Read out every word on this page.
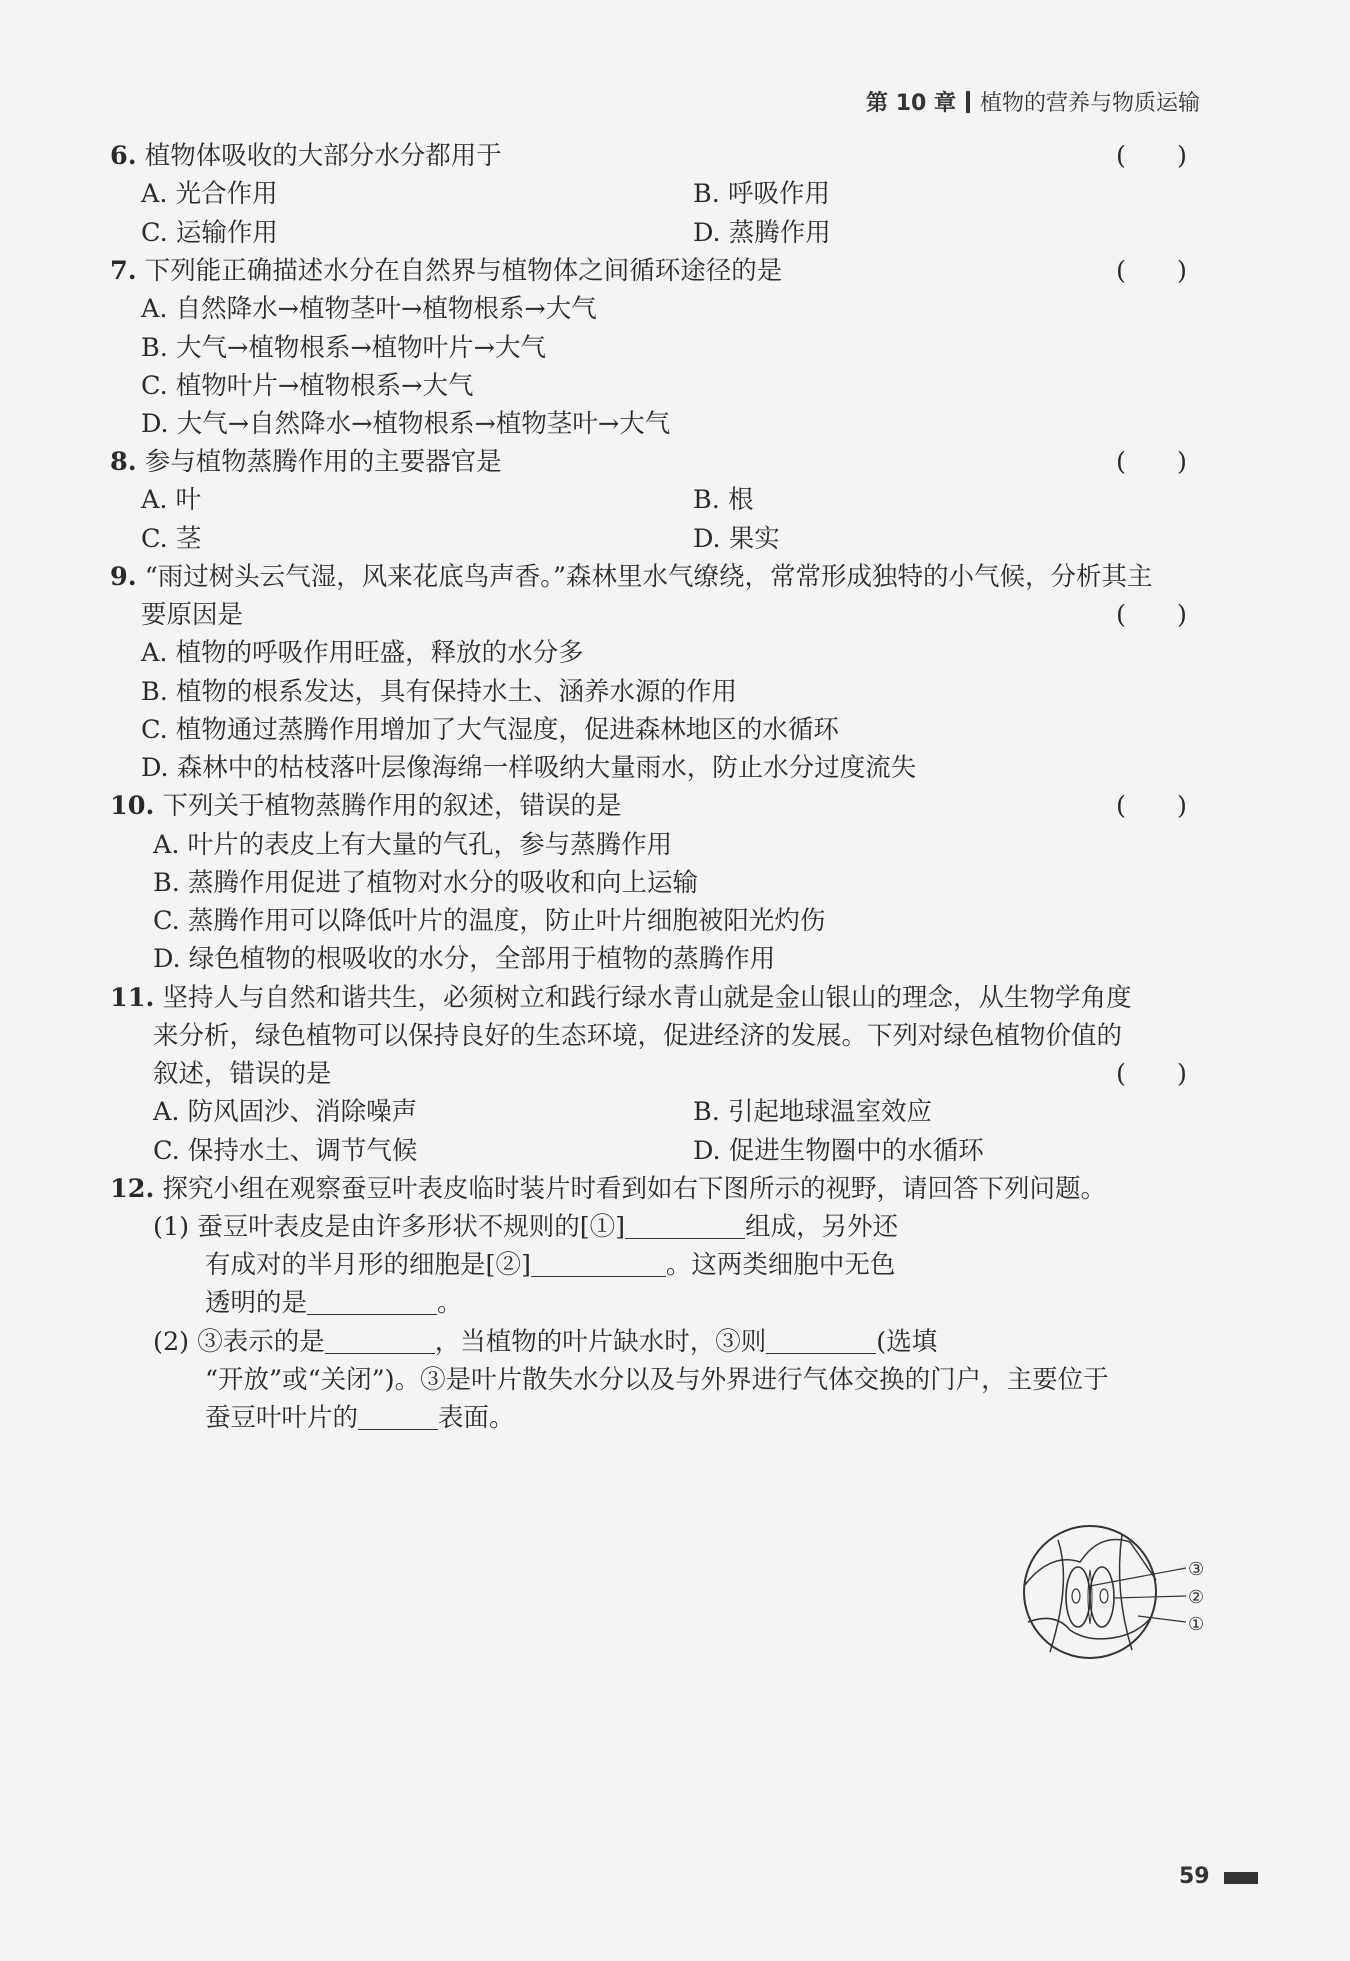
第 10 章 植物的营养与物质运输
6. 植物体吸收的大部分水分都用于	(　　)
A. 光合作用	B. 呼吸作用
C. 运输作用	D. 蒸腾作用
7. 下列能正确描述水分在自然界与植物体之间循环途径的是	(　　)
A. 自然降水→植物茎叶→植物根系→大气
B. 大气→植物根系→植物叶片→大气
C. 植物叶片→植物根系→大气
D. 大气→自然降水→植物根系→植物茎叶→大气
8. 参与植物蒸腾作用的主要器官是	(　　)
A. 叶	B. 根
C. 茎	D. 果实
9. “雨过树头云气湿，风来花底鸟声香。”森林里水气缭绕，常常形成独特的小气候，分析其主
要原因是	(　　)
A. 植物的呼吸作用旺盛，释放的水分多
B. 植物的根系发达，具有保持水土、涵养水源的作用
C. 植物通过蒸腾作用增加了大气湿度，促进森林地区的水循环
D. 森林中的枯枝落叶层像海绵一样吸纳大量雨水，防止水分过度流失
10. 下列关于植物蒸腾作用的叙述，错误的是	(　　)
A. 叶片的表皮上有大量的气孔，参与蒸腾作用
B. 蒸腾作用促进了植物对水分的吸收和向上运输
C. 蒸腾作用可以降低叶片的温度，防止叶片细胞被阳光灼伤
D. 绿色植物的根吸收的水分，全部用于植物的蒸腾作用
11. 坚持人与自然和谐共生，必须树立和践行绿水青山就是金山银山的理念，从生物学角度
来分析，绿色植物可以保持良好的生态环境，促进经济的发展。下列对绿色植物价值的
叙述，错误的是	(　　)
A. 防风固沙、消除噪声	B. 引起地球温室效应
C. 保持水土、调节气候	D. 促进生物圈中的水循环
12. 探究小组在观察蚕豆叶表皮临时装片时看到如右下图所示的视野，请回答下列问题。
(1) 蚕豆叶表皮是由许多形状不规则的[①]	组成，另外还
有成对的半月形的细胞是[②]	。这两类细胞中无色
透明的是	。
(2) ③表示的是	，当植物的叶片缺水时，③则	(选填
“开放”或“关闭”)。③是叶片散失水分以及与外界进行气体交换的门户，主要位于
蚕豆叶叶片的	表面。
③
②
①
59
